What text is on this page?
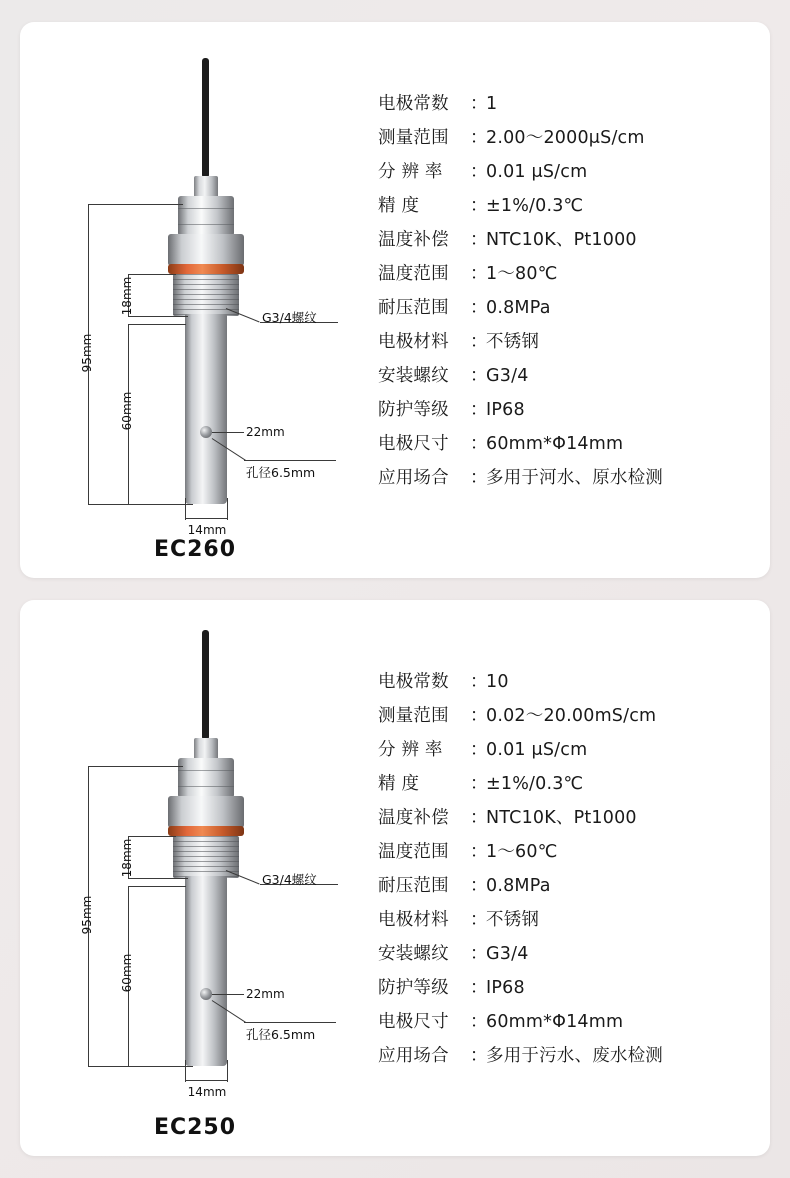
95mm
18mm
60mm
14mm
22mm
G3/4螺纹
孔径6.5mm
EC260
电极常数	：
1
测量范围	：
2.00～2000μS/cm
分 辨 率	：
0.01 μS/cm
精 度	：
±1%/0.3℃
温度补偿	：
NTC10K、Pt1000
温度范围	：
1～80℃
耐压范围	：
0.8MPa
电极材料	：
不锈钢
安装螺纹	：
G3/4
防护等级	：
IP68
电极尺寸	：
60mm*Φ14mm
应用场合	：
多用于河水、原水检测
95mm
18mm
60mm
14mm
22mm
G3/4螺纹
孔径6.5mm
EC250
电极常数	：
10
测量范围	：
0.02～20.00mS/cm
分 辨 率	：
0.01 μS/cm
精 度	：
±1%/0.3℃
温度补偿	：
NTC10K、Pt1000
温度范围	：
1～60℃
耐压范围	：
0.8MPa
电极材料	：
不锈钢
安装螺纹	：
G3/4
防护等级	：
IP68
电极尺寸	：
60mm*Φ14mm
应用场合	：
多用于污水、废水检测
